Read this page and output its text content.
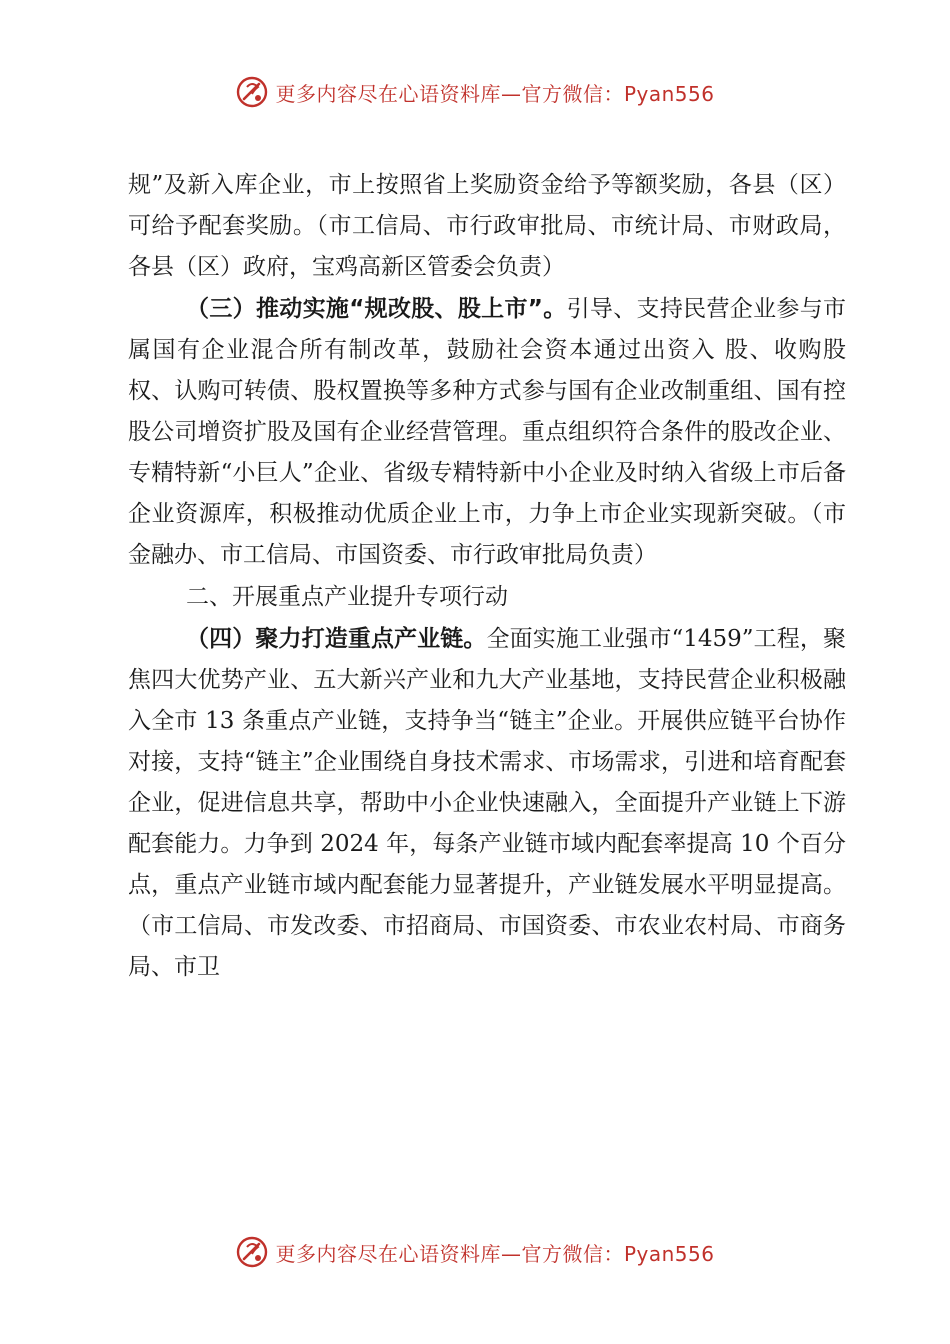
更多内容尽在心语资料库—官方微信：Pyan556

规”及新入库企业，市上按照省上奖励资金给予等额奖励，各县（区）可给予配套奖励。（市工信局、市行政审批局、市统计局、市财政局，各县（区）政府，宝鸡高新区管委会负责）

（三）推动实施“规改股、股上市”。引导、支持民营企业参与市属国有企业混合所有制改革，鼓励社会资本通过出资入 股、收购股权、认购可转债、股权置换等多种方式参与国有企业改制重组、国有控股公司增资扩股及国有企业经营管理。重点组织符合条件的股改企业、专精特新“小巨人”企业、省级专精特新中小企业及时纳入省级上市后备企业资源库，积极推动优质企业上市，力争上市企业实现新突破。（市金融办、市工信局、市国资委、市行政审批局负责）

二、开展重点产业提升专项行动

（四）聚力打造重点产业链。全面实施工业强市“1459”工程，聚焦四大优势产业、五大新兴产业和九大产业基地，支持民营企业积极融入全市 13 条重点产业链，支持争当“链主”企业。开展供应链平台协作对接，支持“链主”企业围绕自身技术需求、市场需求，引进和培育配套企业，促进信息共享，帮助中小企业快速融入，全面提升产业链上下游配套能力。力争到 2024 年，每条产业链市域内配套率提高 10 个百分点，重点产业链市域内配套能力显著提升，产业链发展水平明显提高。（市工信局、市发改委、市招商局、市国资委、市农业农村局、市商务局、市卫

更多内容尽在心语资料库—官方微信：Pyan556
